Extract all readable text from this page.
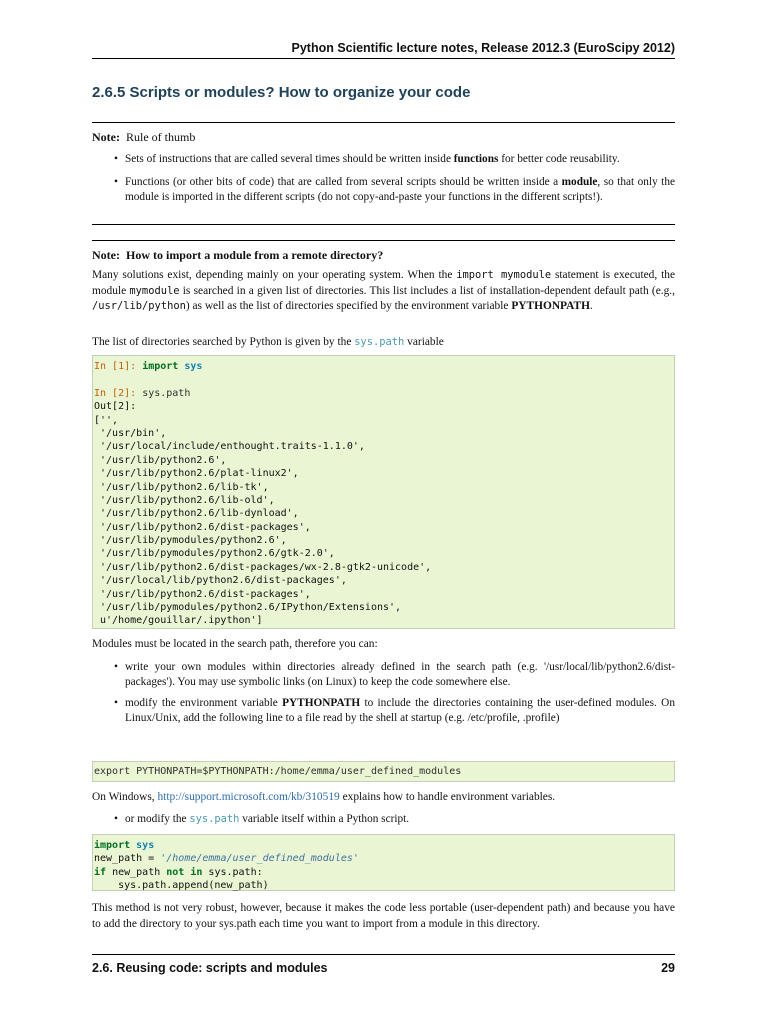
Python Scientific lecture notes, Release 2012.3 (EuroScipy 2012)
2.6.5 Scripts or modules? How to organize your code
Note: Rule of thumb
• Sets of instructions that are called several times should be written inside functions for better code reusability.
• Functions (or other bits of code) that are called from several scripts should be written inside a module, so that only the module is imported in the different scripts (do not copy-and-paste your functions in the different scripts!).
Note: How to import a module from a remote directory?

Many solutions exist, depending mainly on your operating system. When the import mymodule statement is executed, the module mymodule is searched in a given list of directories. This list includes a list of installation-dependent default path (e.g., /usr/lib/python) as well as the list of directories specified by the environment variable PYTHONPATH.

The list of directories searched by Python is given by the sys.path variable

In [1]: import sys
In [2]: sys.path
Out[2]:
['',
'/usr/bin',
'/usr/local/include/enthought.traits-1.1.0',
'/usr/lib/python2.6',
'/usr/lib/python2.6/plat-linux2',
'/usr/lib/python2.6/lib-tk',
'/usr/lib/python2.6/lib-old',
'/usr/lib/python2.6/lib-dynload',
'/usr/lib/python2.6/dist-packages',
'/usr/lib/pymodules/python2.6',
'/usr/lib/pymodules/python2.6/gtk-2.0',
'/usr/lib/python2.6/dist-packages/wx-2.8-gtk2-unicode',
'/usr/local/lib/python2.6/dist-packages',
'/usr/lib/python2.6/dist-packages',
'/usr/lib/pymodules/python2.6/IPython/Extensions',
u'/home/gouillar/.ipython']

Modules must be located in the search path, therefore you can:

• write your own modules within directories already defined in the search path (e.g. '/usr/local/lib/python2.6/dist-packages'). You may use symbolic links (on Linux) to keep the code somewhere else.
• modify the environment variable PYTHONPATH to include the directories containing the user-defined modules. On Linux/Unix, add the following line to a file read by the shell at startup (e.g. /etc/profile, .profile)
export PYTHONPATH=$PYTHONPATH:/home/emma/user_defined_modules

On Windows, http://support.microsoft.com/kb/310519 explains how to handle environment variables.

• or modify the sys.path variable itself within a Python script.
import sys
new_path = '/home/emma/user_defined_modules'
if new_path not in sys.path:
sys.path.append(new_path)

This method is not very robust, however, because it makes the code less portable (user-dependent path) and because you have to add the directory to your sys.path each time you want to import from a module in this directory.

2.6. Reusing code: scripts and modules	29
